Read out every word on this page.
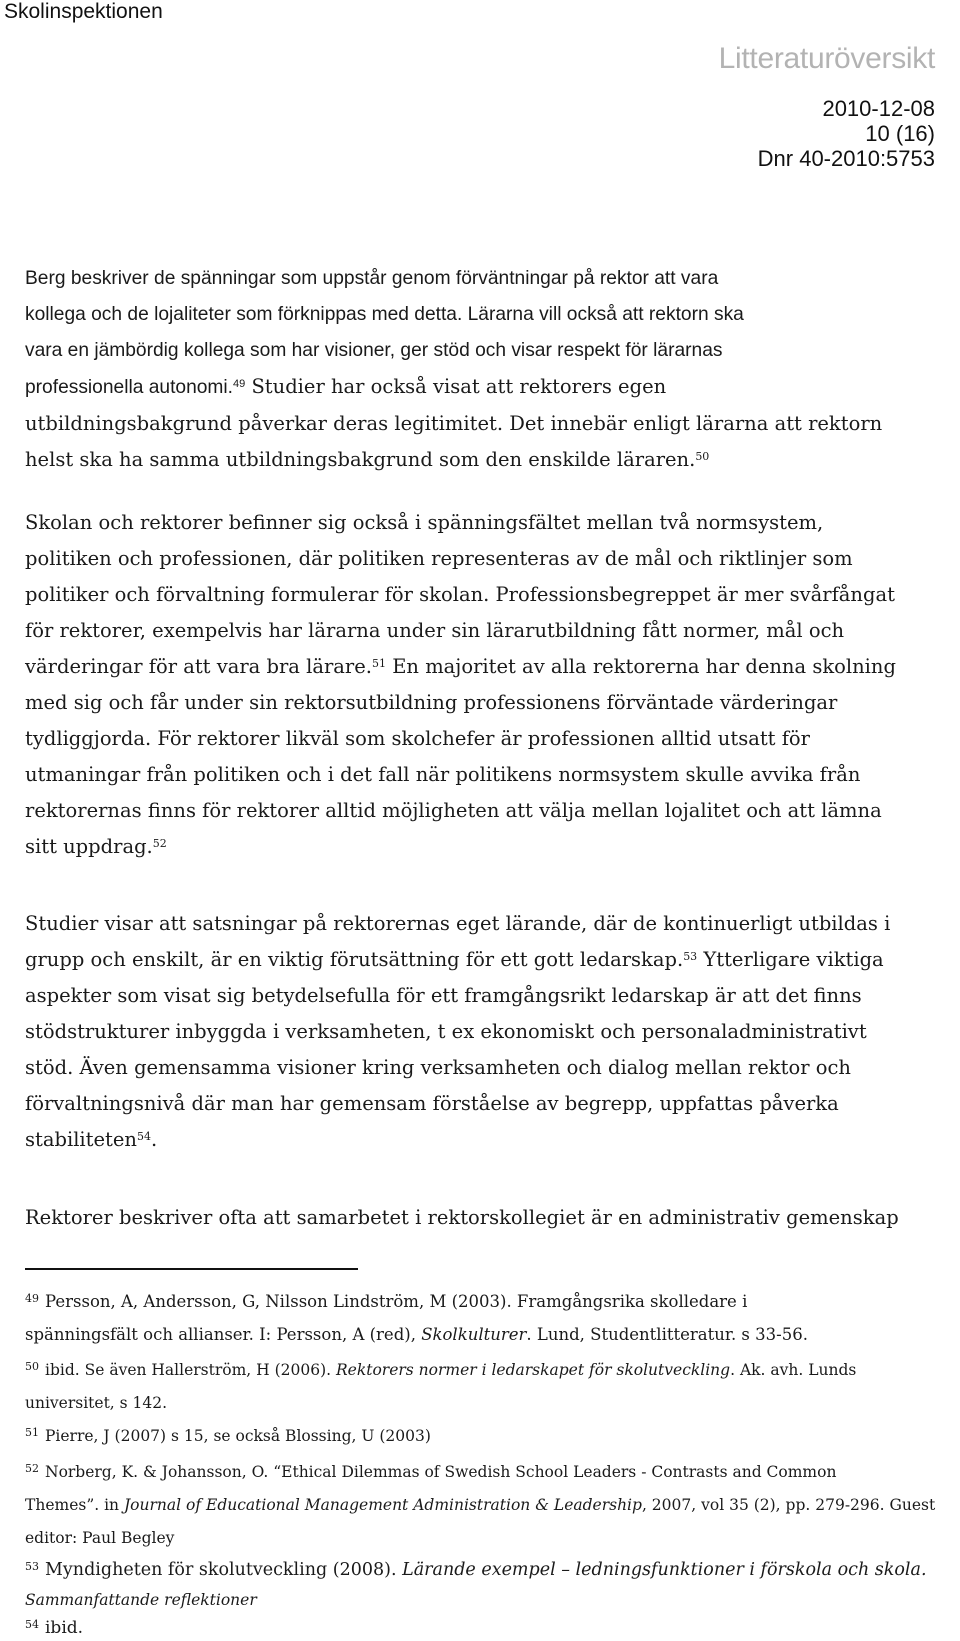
Skolinspektionen
Litteraturöversikt
2010-12-08
10 (16)
Dnr 40-2010:5753
Berg beskriver de spänningar som uppstår genom förväntningar på rektor att vara
kollega och de lojaliteter som förknippas med detta. Lärarna vill också att rektorn ska
vara en jämbördig kollega som har visioner, ger stöd och visar respekt för lärarnas
professionella autonomi.$^{49}$ Studier har också visat att rektorers egen
utbildningsbakgrund påverkar deras legitimitet. Det innebär enligt lärarna att rektorn
helst ska ha samma utbildningsbakgrund som den enskilde läraren.$^{50}$
Skolan och rektorer befinner sig också i spänningsfältet mellan två normsystem,
politiken och professionen, där politiken representeras av de mål och riktlinjer som
politiker och förvaltning formulerar för skolan. Professionsbegreppet är mer svårfångat
för rektorer, exempelvis har lärarna under sin lärarutbildning fått normer, mål och
värderingar för att vara bra lärare.$^{51}$ En majoritet av alla rektorerna har denna skolning
med sig och får under sin rektorsutbildning professionens förväntade värderingar
tydliggjorda. För rektorer likväl som skolchefer är professionen alltid utsatt för
utmaningar från politiken och i det fall när politikens normsystem skulle avvika från
rektorernas finns för rektorer alltid möjligheten att välja mellan lojalitet och att lämna
sitt uppdrag.$^{52}$
Studier visar att satsningar på rektorernas eget lärande, där de kontinuerligt utbildas i
grupp och enskilt, är en viktig förutsättning för ett gott ledarskap.$^{53}$ Ytterligare viktiga
aspekter som visat sig betydelsefulla för ett framgångsrikt ledarskap är att det finns
stödstrukturer inbyggda i verksamheten, t ex ekonomiskt och personaladministrativt
stöd. Även gemensamma visioner kring verksamheten och dialog mellan rektor och
förvaltningsnivå där man har gemensam förståelse av begrepp, uppfattas påverka
stabiliteten$^{54}$.
Rektorer beskriver ofta att samarbetet i rektorskollegiet är en administrativ gemenskap
$^{49}$ Persson, A, Andersson, G, Nilsson Lindström, M (2003). Framgångsrika skolledare i
spänningsfält och allianser. I: Persson, A (red), Skolkulturer. Lund, Studentlitteratur. s 33-56.
$^{50}$ ibid. Se även Hallerström, H (2006). Rektorers normer i ledarskapet för skolutveckling. Ak. avh. Lunds
universitet, s 142.
$^{51}$ Pierre, J (2007) s 15, se också Blossing, U (2003)
$^{52}$ Norberg, K. & Johansson, O. “Ethical Dilemmas of Swedish School Leaders - Contrasts and Common
Themes”. in Journal of Educational Management Administration & Leadership, 2007, vol 35 (2), pp. 279-296. Guest
editor: Paul Begley
$^{53}$ Myndigheten för skolutveckling (2008). Lärande exempel – ledningsfunktioner i förskola och skola.
Sammanfattande reflektioner
$^{54}$ ibid.
